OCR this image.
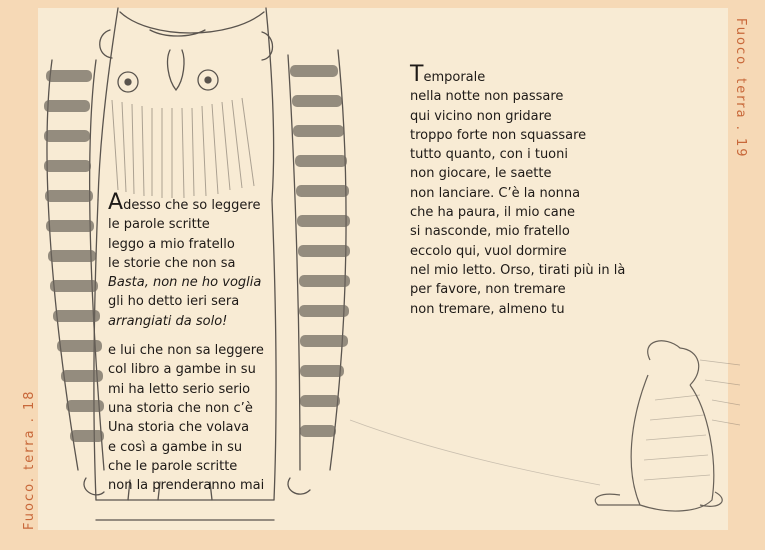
Fuoco. terra . 18
Fuoco. terra . 19

Adesso che so leggere

le parole scritte

leggo a mio fratello

le storie che non sa

Basta, non ne ho voglia

gli ho detto ieri sera

arrangiati da solo!

e lui che non sa leggere

col libro a gambe in su

mi ha letto serio serio

una storia che non c’è

Una storia che volava

e così a gambe in su

che le parole scritte

non la prenderanno mai

Temporale

nella notte non passare

qui vicino non gridare

troppo forte non squassare

tutto quanto, con i tuoni

non giocare, le saette

non lanciare. C’è la nonna

che ha paura, il mio cane

si nasconde, mio fratello

eccolo qui, vuol dormire

nel mio letto. Orso, tirati più in là

per favore, non tremare

non tremare, almeno tu
